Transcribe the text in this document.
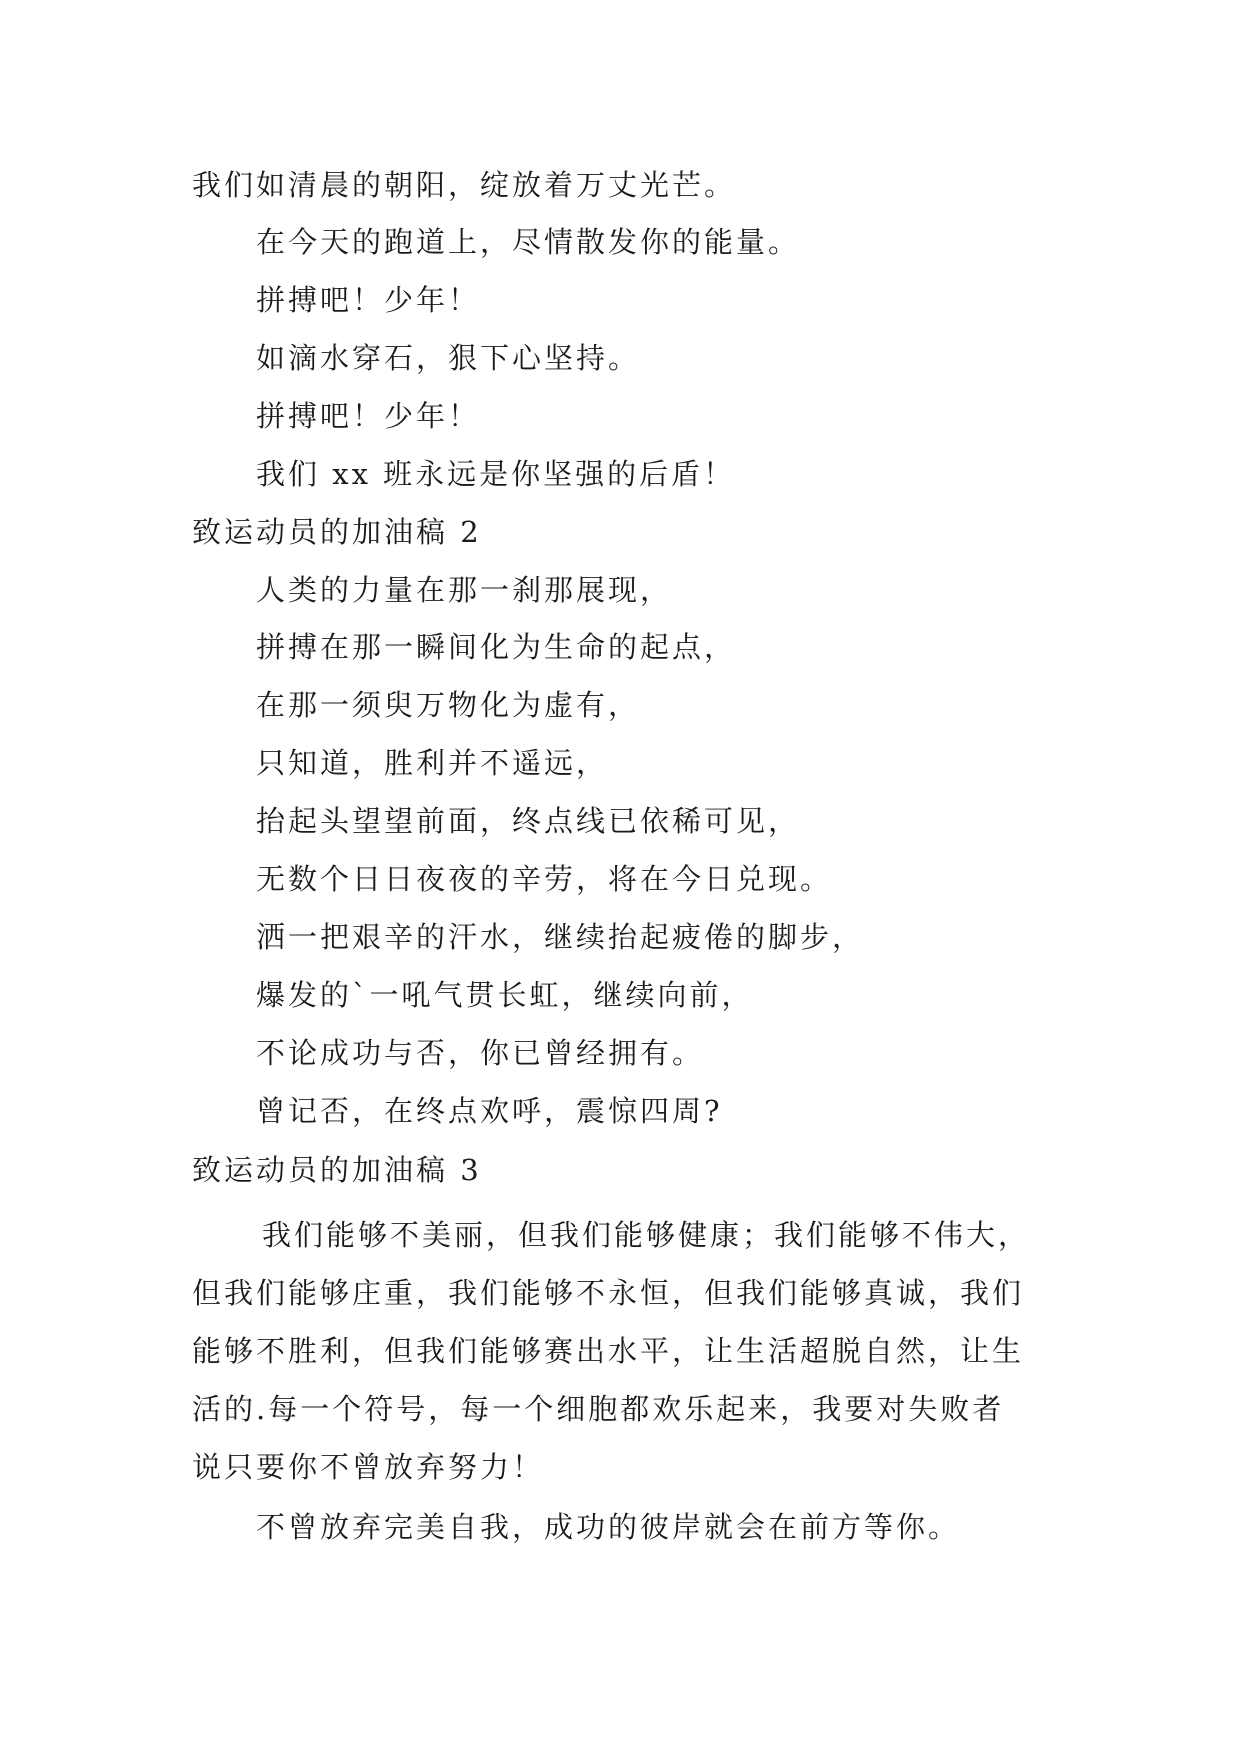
我们如清晨的朝阳，绽放着万丈光芒。
在今天的跑道上，尽情散发你的能量。
拼搏吧！少年！
如滴水穿石，狠下心坚持。
拼搏吧！少年！
我们 xx 班永远是你坚强的后盾！
致运动员的加油稿 2
人类的力量在那一刹那展现，
拼搏在那一瞬间化为生命的起点，
在那一须臾万物化为虚有，
只知道，胜利并不遥远，
抬起头望望前面，终点线已依稀可见，
无数个日日夜夜的辛劳，将在今日兑现。
洒一把艰辛的汗水，继续抬起疲倦的脚步，
爆发的`一吼气贯长虹，继续向前，
不论成功与否，你已曾经拥有。
曾记否，在终点欢呼，震惊四周?
致运动员的加油稿 3
我们能够不美丽，但我们能够健康；我们能够不伟大，
但我们能够庄重，我们能够不永恒，但我们能够真诚，我们
能够不胜利，但我们能够赛出水平，让生活超脱自然，让生
活的.每一个符号，每一个细胞都欢乐起来，我要对失败者
说只要你不曾放弃努力！
不曾放弃完美自我，成功的彼岸就会在前方等你。
